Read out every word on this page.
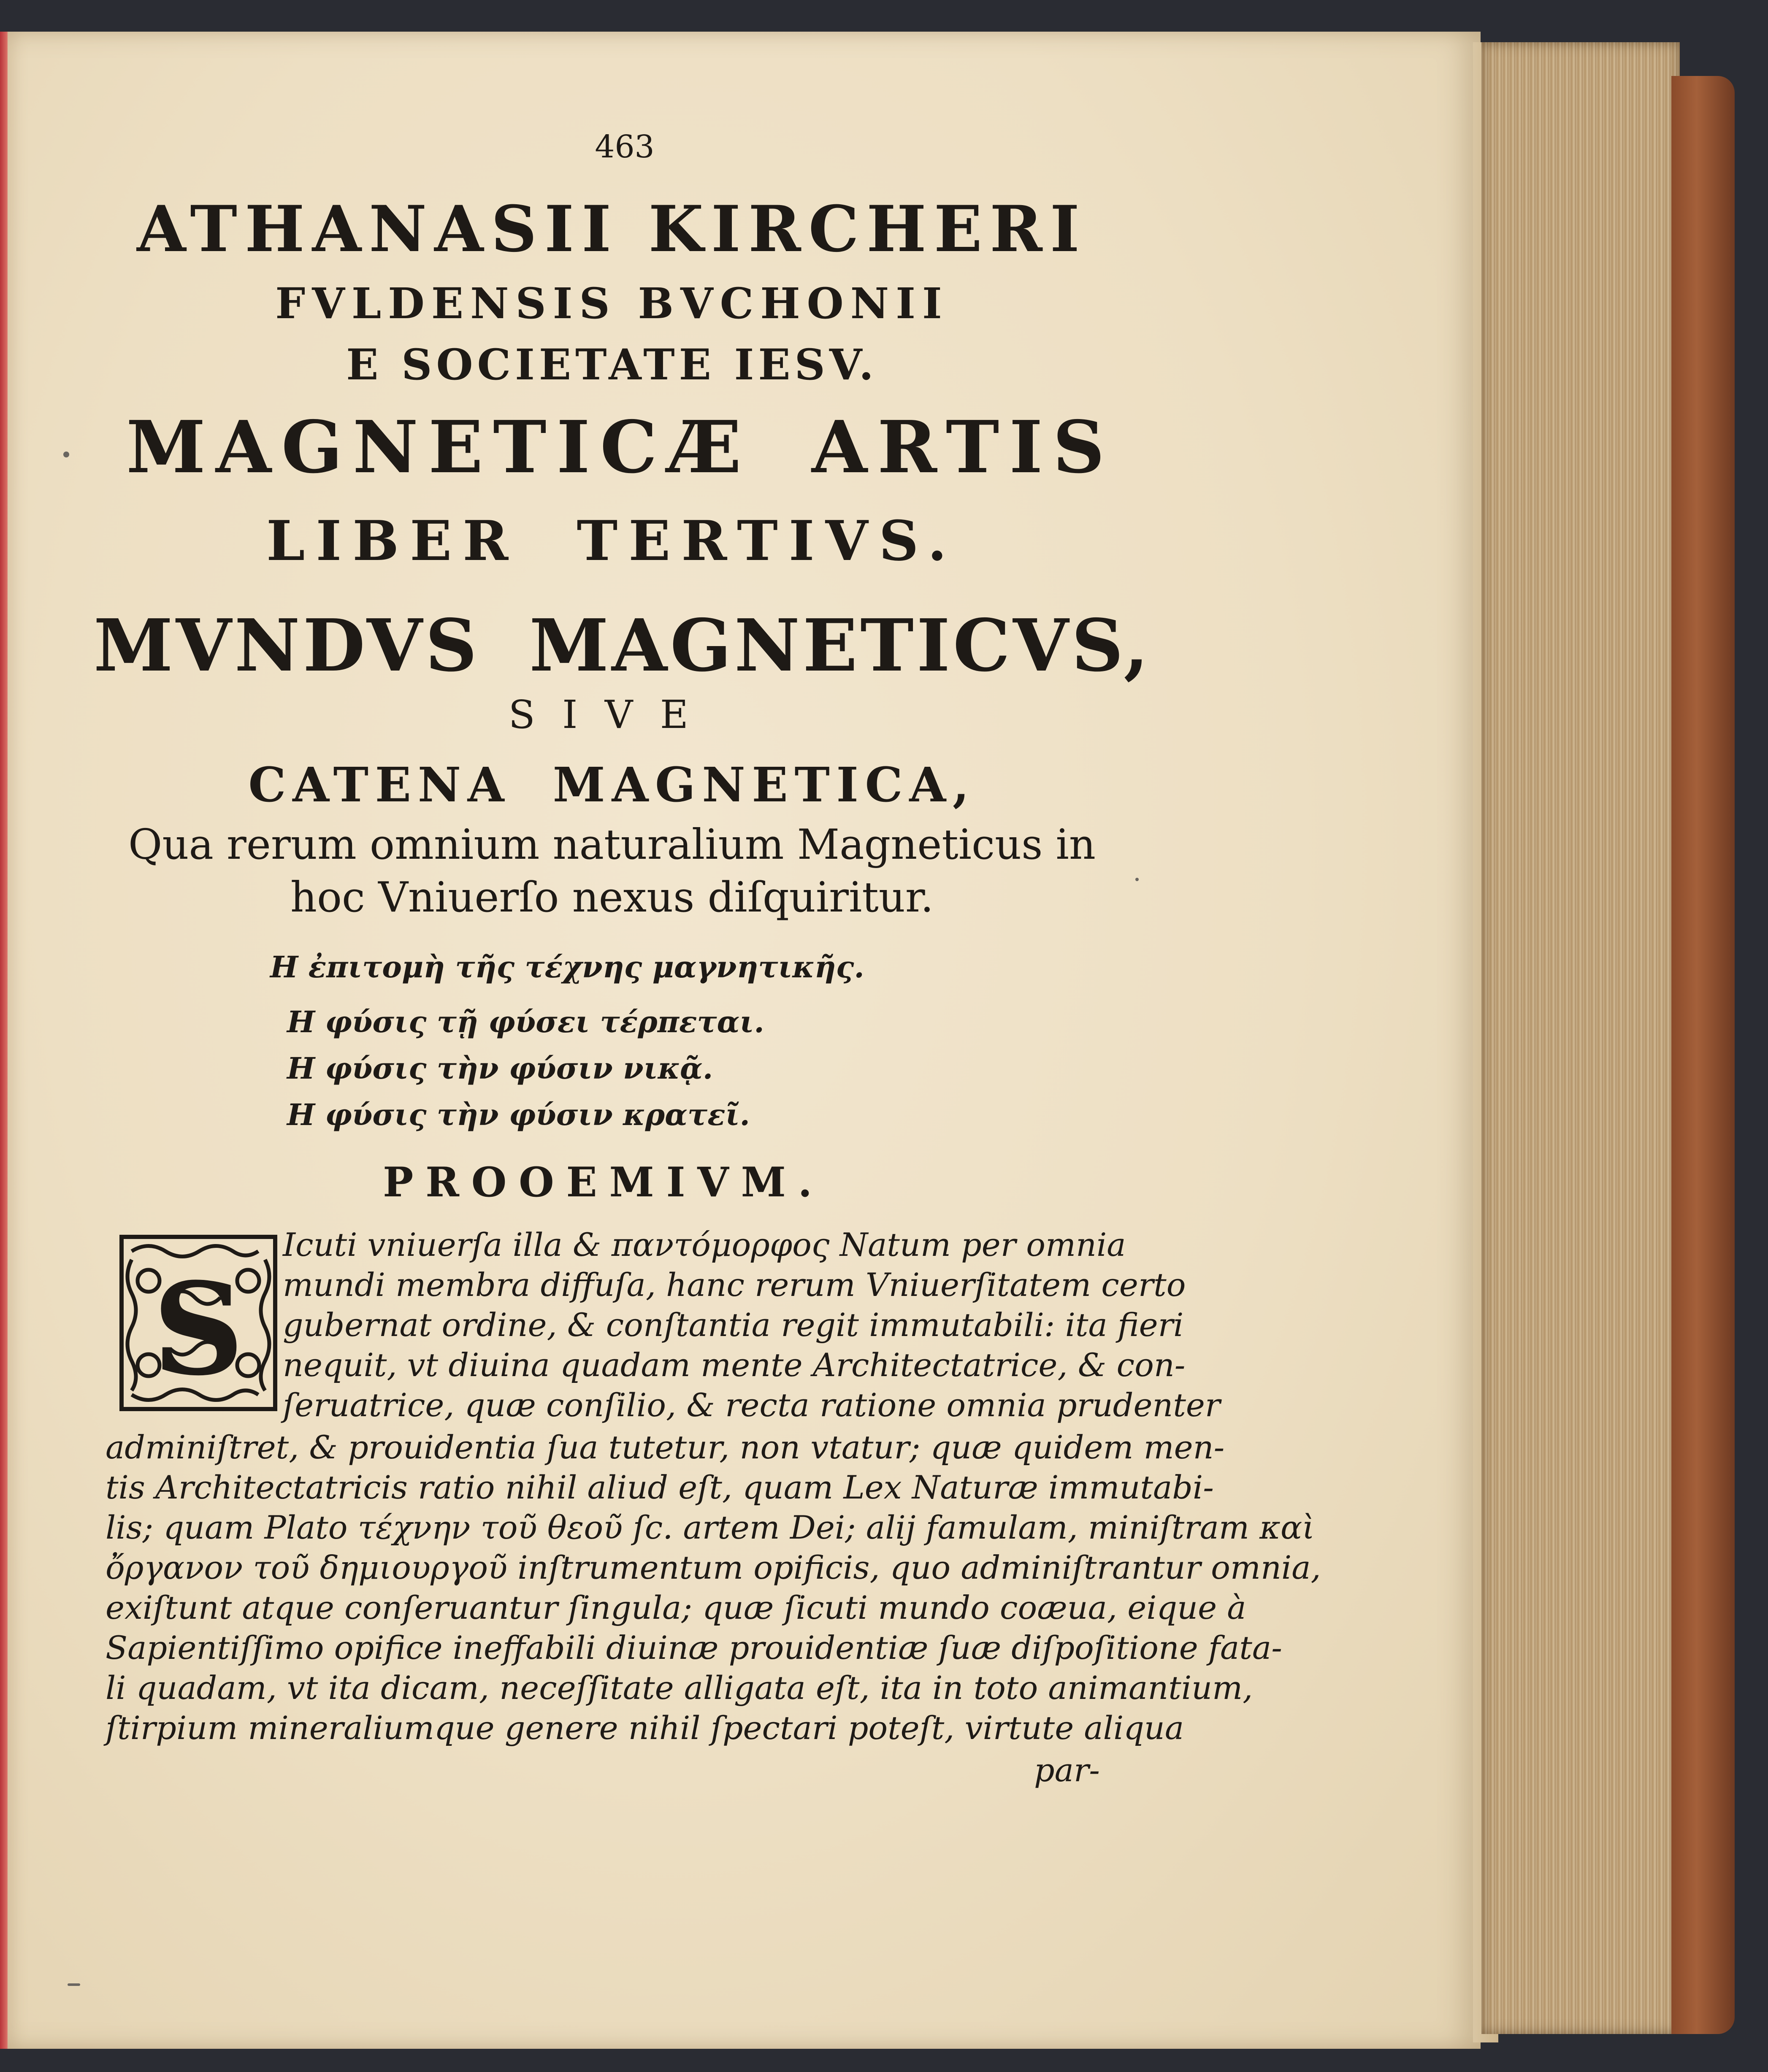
463
ATHANASII KIRCHERI
FVLDENSIS BVCHONII
E SOCIETATE IESV.
MAGNETICÆ ARTIS
LIBER TERTIVS.
MVNDVS MAGNETICVS,
SIVE
CATENA MAGNETICA,
Qua rerum omnium naturalium Magneticus in
hoc Vniuerſo nexus diſquiritur.
Η ἐπιτομὴ τῆς τέχνης μαγνητικῆς.
Η φύσις τῇ φύσει τέρπεται.
Η φύσις τὴν φύσιν νικᾷ.
Η φύσις τὴν φύσιν κρατεῖ.
PROOEMIVM.
S
Icuti vniuerſa illa & παντόμορφος Natum per omnia
mundi membra diffuſa, hanc rerum Vniuerſitatem certo
gubernat ordine, & conſtantia regit immutabili: ita fieri
nequit, vt diuina quadam mente Architectatrice, & con-
ſeruatrice, quæ conſilio, & recta ratione omnia prudenter
adminiſtret, & prouidentia ſua tutetur, non vtatur; quæ quidem men-
tis Architectatricis ratio nihil aliud eſt, quam Lex Naturæ immutabi-
lis; quam Plato τέχνην τοῦ θεοῦ ſc. artem Dei; alij famulam, miniſtram καὶ
ὄργανον τοῦ δημιουργοῦ inſtrumentum opificis, quo adminiſtrantur omnia,
exiſtunt atque conſeruantur ſingula; quæ ſicuti mundo coæua, eique à
Sapientiſſimo opifice ineffabili diuinæ prouidentiæ ſuæ diſpoſitione fata-
li quadam, vt ita dicam, neceſſitate alligata eſt, ita in toto animantium,
ſtirpium mineraliumque genere nihil ſpectari poteſt, virtute aliqua
par-
